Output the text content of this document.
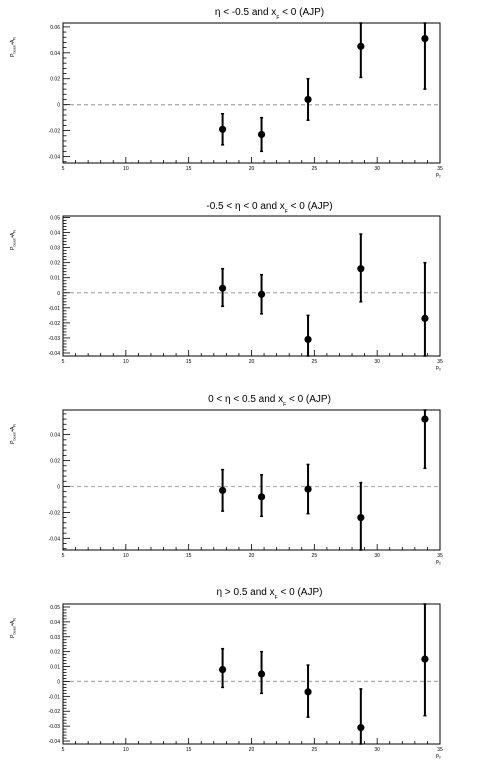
η < -0.5 and $x_F < 0$ (AJP)
5	10	15	20	25	30	35
-0.04
-0.02
0
0.02
0.04
0.06
$p_T$
$P_{beam}•A_N$
-0.5 < η < 0 and $x_F < 0$ (AJP)
5	10	15	20	25	30	35
-0.04
-0.03
-0.02
-0.01
0
0.01
0.02
0.03
0.04
0.05
$p_T$
$P_{beam}•A_N$
0 < η < 0.5 and $x_F < 0$ (AJP)
5	10	15	20	25	30	35
-0.04
-0.02
0
0.02
0.04
$p_T$
$P_{beam}•A_N$
η > 0.5 and $x_F < 0$ (AJP)
5	10	15	20	25	30	35
-0.04
-0.03
-0.02
-0.01
0
0.01
0.02
0.03
0.04
0.05
$p_T$
$P_{beam}•A_N$
